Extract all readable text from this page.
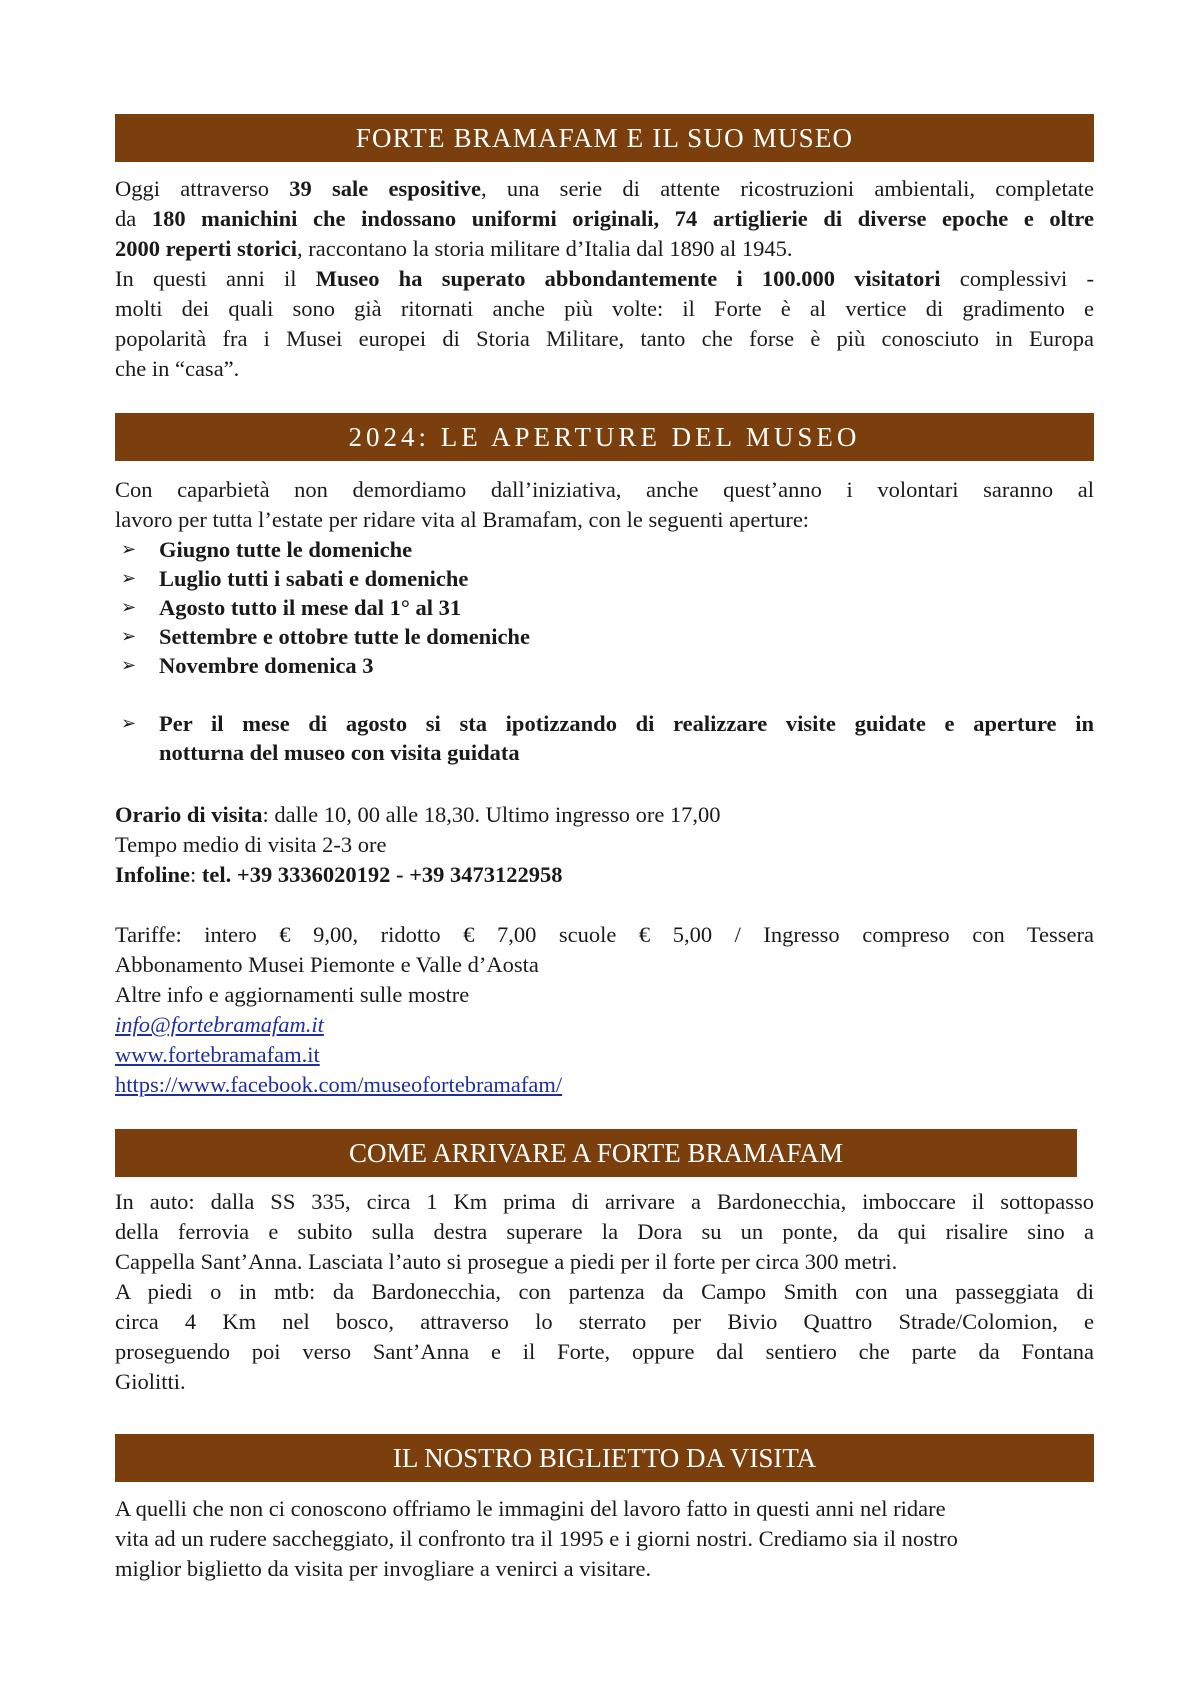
FORTE BRAMAFAM E IL SUO MUSEO

Oggi attraverso 39 sale espositive, una serie di attente ricostruzioni ambientali, completate

da 180 manichini che indossano uniformi originali, 74 artiglierie di diverse epoche e oltre

2000 reperti storici, raccontano la storia militare d’Italia dal 1890 al 1945.

In questi anni il Museo ha superato abbondantemente i 100.000 visitatori complessivi -

molti dei quali sono già ritornati anche più volte: il Forte è al vertice di gradimento e

popolarità fra i Musei europei di Storia Militare, tanto che forse è più conosciuto in Europa

che in “casa”.

2024: LE APERTURE DEL MUSEO

Con caparbietà non demordiamo dall’iniziativa, anche quest’anno i volontari saranno al

lavoro per tutta l’estate per ridare vita al Bramafam, con le seguenti aperture:

➢ Giugno tutte le domeniche
➢ Luglio tutti i sabati e domeniche
➢ Agosto tutto il mese dal 1° al 31
➢ Settembre e ottobre tutte le domeniche
➢ Novembre domenica 3
➢ Per il mese di agosto si sta ipotizzando di realizzare visite guidate e aperture in
notturna del museo con visita guidata

Orario di visita: dalle 10, 00 alle 18,30. Ultimo ingresso ore 17,00

Tempo medio di visita 2-3 ore

Infoline: tel. +39 3336020192 - +39 3473122958

Tariffe: intero € 9,00, ridotto € 7,00 scuole € 5,00 / Ingresso compreso con Tessera

Abbonamento Musei Piemonte e Valle d’Aosta

Altre info e aggiornamenti sulle mostre

info@fortebramafam.it
www.fortebramafam.it
https://www.facebook.com/museofortebramafam/
COME ARRIVARE A FORTE BRAMAFAM

In auto: dalla SS 335, circa 1 Km prima di arrivare a Bardonecchia, imboccare il sottopasso

della ferrovia e subito sulla destra superare la Dora su un ponte, da qui risalire sino a

Cappella Sant’Anna. Lasciata l’auto si prosegue a piedi per il forte per circa 300 metri.

A piedi o in mtb: da Bardonecchia, con partenza da Campo Smith con una passeggiata di

circa 4 Km nel bosco, attraverso lo sterrato per Bivio Quattro Strade/Colomion, e

proseguendo poi verso Sant’Anna e il Forte, oppure dal sentiero che parte da Fontana

Giolitti.

IL NOSTRO BIGLIETTO DA VISITA

A quelli che non ci conoscono offriamo le immagini del lavoro fatto in questi anni nel ridare

vita ad un rudere saccheggiato, il confronto tra il 1995 e i giorni nostri. Crediamo sia il nostro

miglior biglietto da visita per invogliare a venirci a visitare.
